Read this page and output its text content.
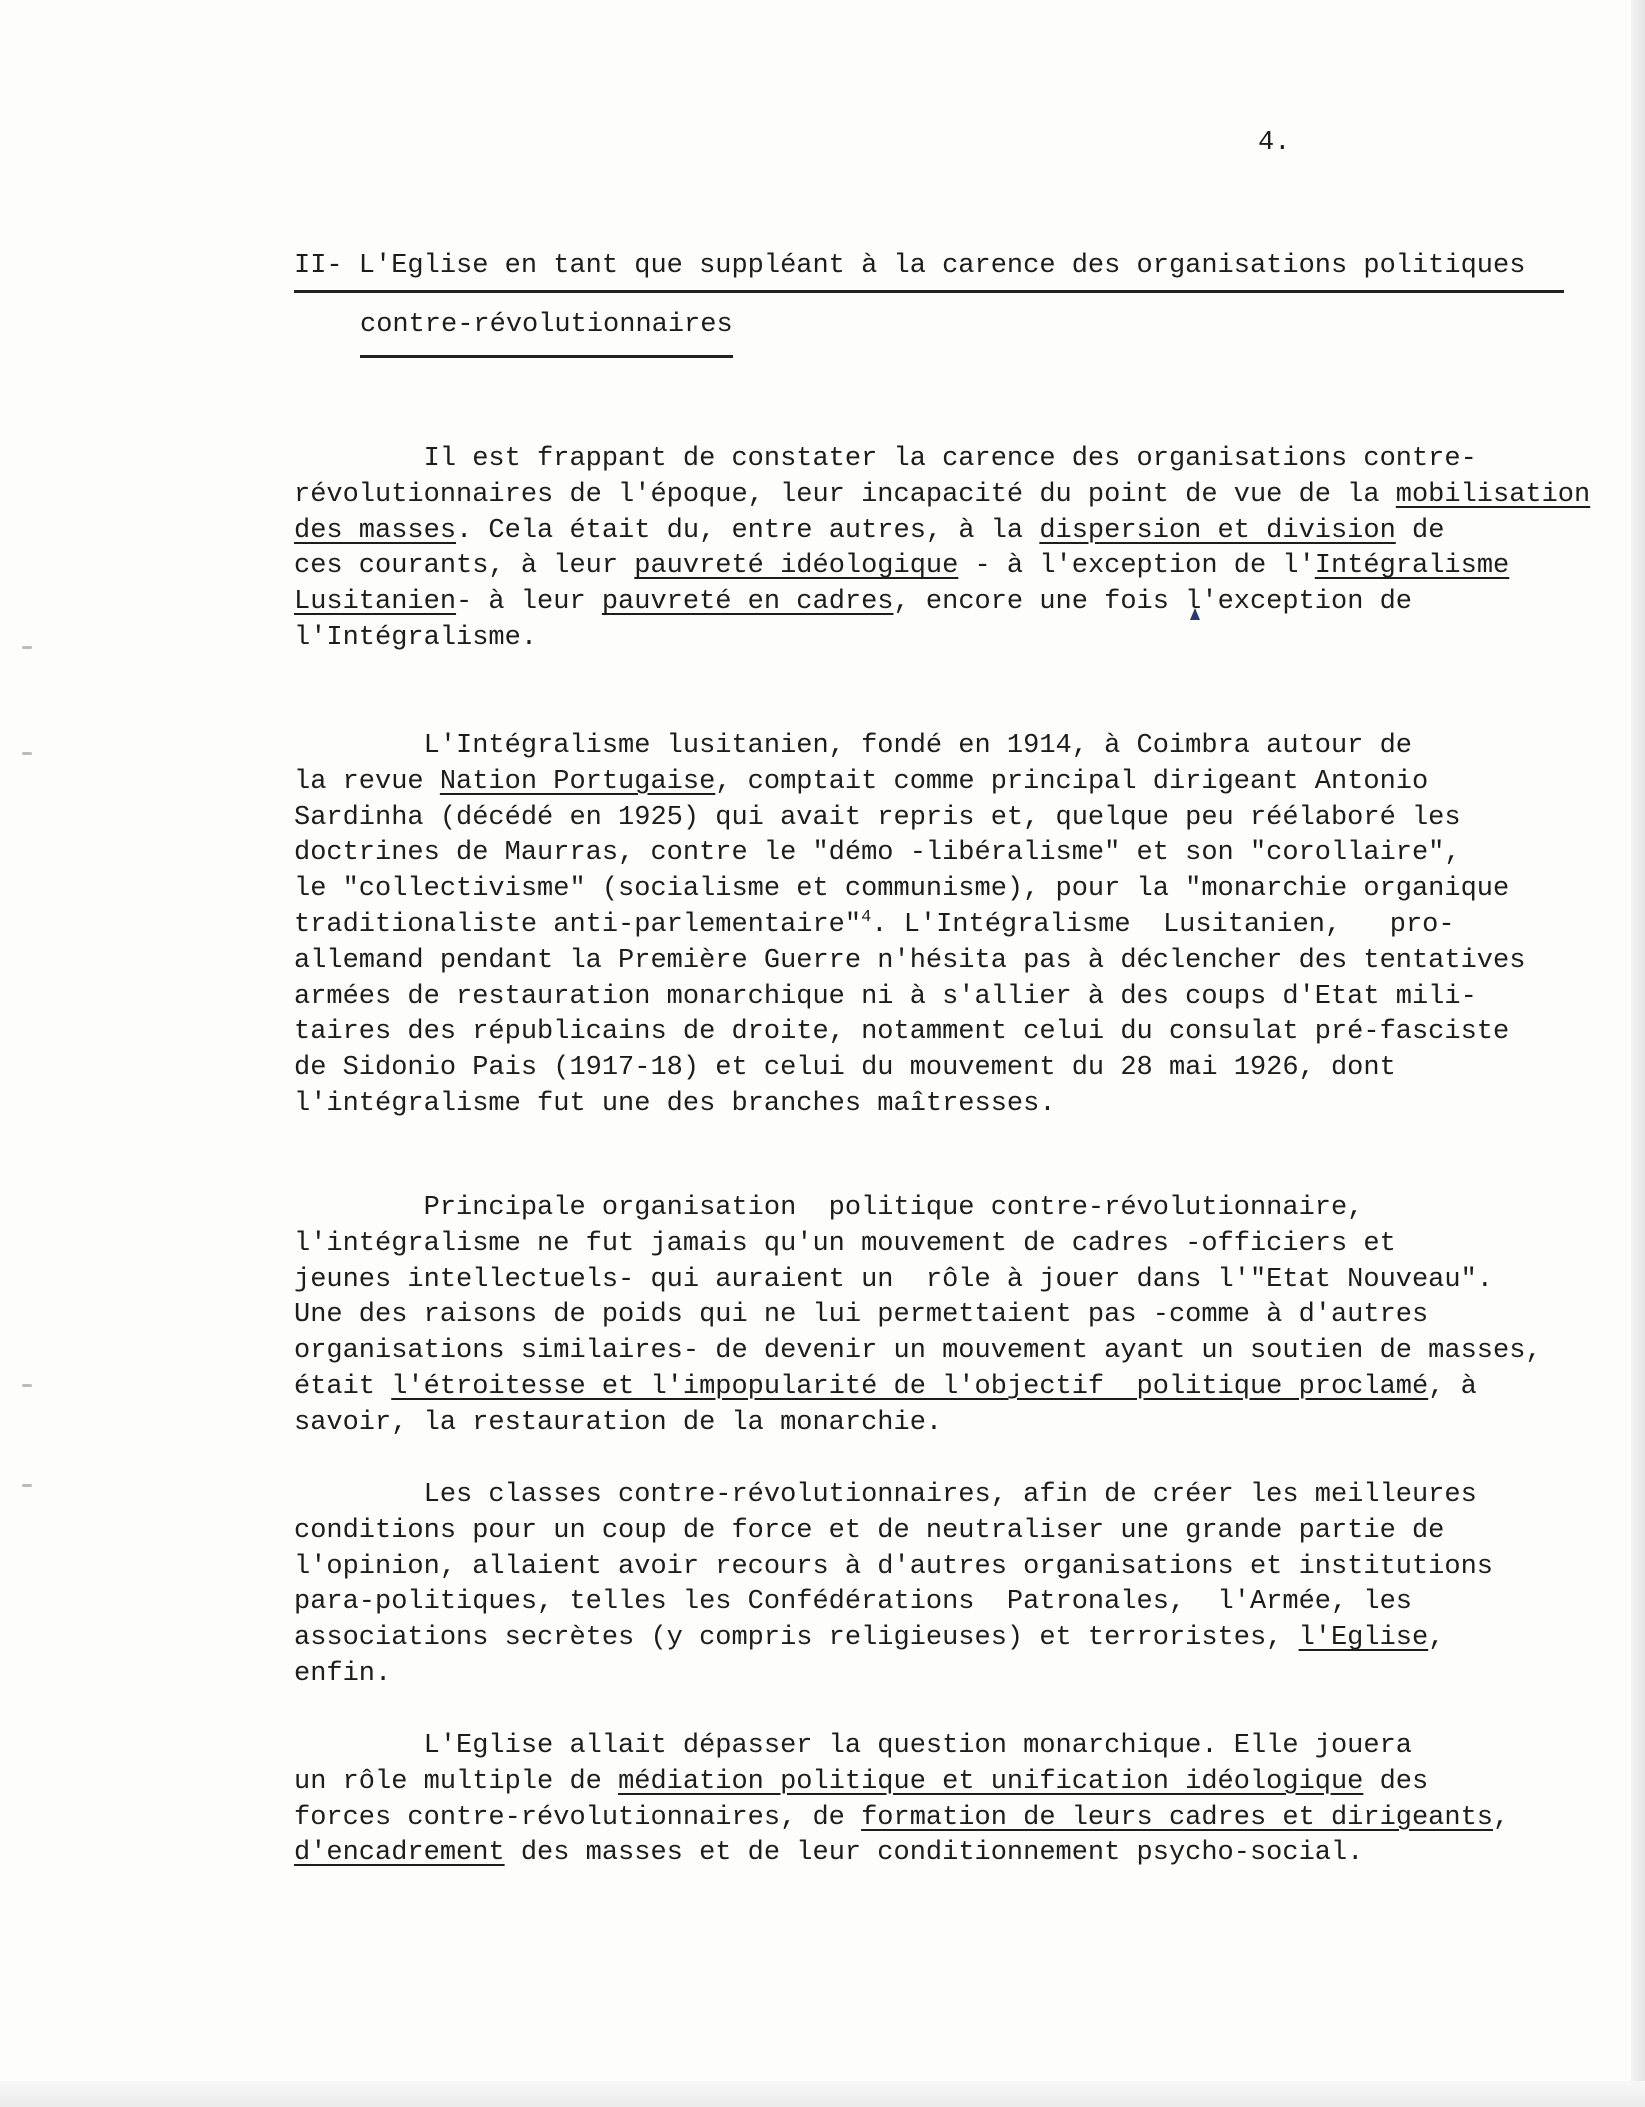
4.
II- L'Eglise en tant que suppléant à la carence des organisations politiques
contre-révolutionnaires
Il est frappant de constater la carence des organisations contre-
révolutionnaires de l'époque, leur incapacité du point de vue de la mobilisation
des masses. Cela était du, entre autres, à la dispersion et division de
ces courants, à leur pauvreté idéologique - à l'exception de l'Intégralisme
Lusitanien- à leur pauvreté en cadres, encore une fois l'exception de
l'Intégralisme.
L'Intégralisme lusitanien, fondé en 1914, à Coimbra autour de
la revue Nation Portugaise, comptait comme principal dirigeant Antonio
Sardinha (décédé en 1925) qui avait repris et, quelque peu réélaboré les
doctrines de Maurras, contre le "démo -libéralisme" et son "corollaire",
le "collectivisme" (socialisme et communisme), pour la "monarchie organique
traditionaliste anti-parlementaire"$^4$. L'Intégralisme  Lusitanien,   pro-
allemand pendant la Première Guerre n'hésita pas à déclencher des tentatives
armées de restauration monarchique ni à s'allier à des coups d'Etat mili-
taires des républicains de droite, notamment celui du consulat pré-fasciste
de Sidonio Pais (1917-18) et celui du mouvement du 28 mai 1926, dont
l'intégralisme fut une des branches maîtresses.
Principale organisation  politique contre-révolutionnaire,
l'intégralisme ne fut jamais qu'un mouvement de cadres -officiers et
jeunes intellectuels- qui auraient un  rôle à jouer dans l'"Etat Nouveau".
Une des raisons de poids qui ne lui permettaient pas -comme à d'autres
organisations similaires- de devenir un mouvement ayant un soutien de masses,
était l'étroitesse et l'impopularité de l'objectif  politique proclamé, à
savoir, la restauration de la monarchie.
Les classes contre-révolutionnaires, afin de créer les meilleures
conditions pour un coup de force et de neutraliser une grande partie de
l'opinion, allaient avoir recours à d'autres organisations et institutions
para-politiques, telles les Confédérations  Patronales,  l'Armée, les
associations secrètes (y compris religieuses) et terroristes, l'Eglise,
enfin.
L'Eglise allait dépasser la question monarchique. Elle jouera
un rôle multiple de médiation politique et unification idéologique des
forces contre-révolutionnaires, de formation de leurs cadres et dirigeants,
d'encadrement des masses et de leur conditionnement psycho-social.
